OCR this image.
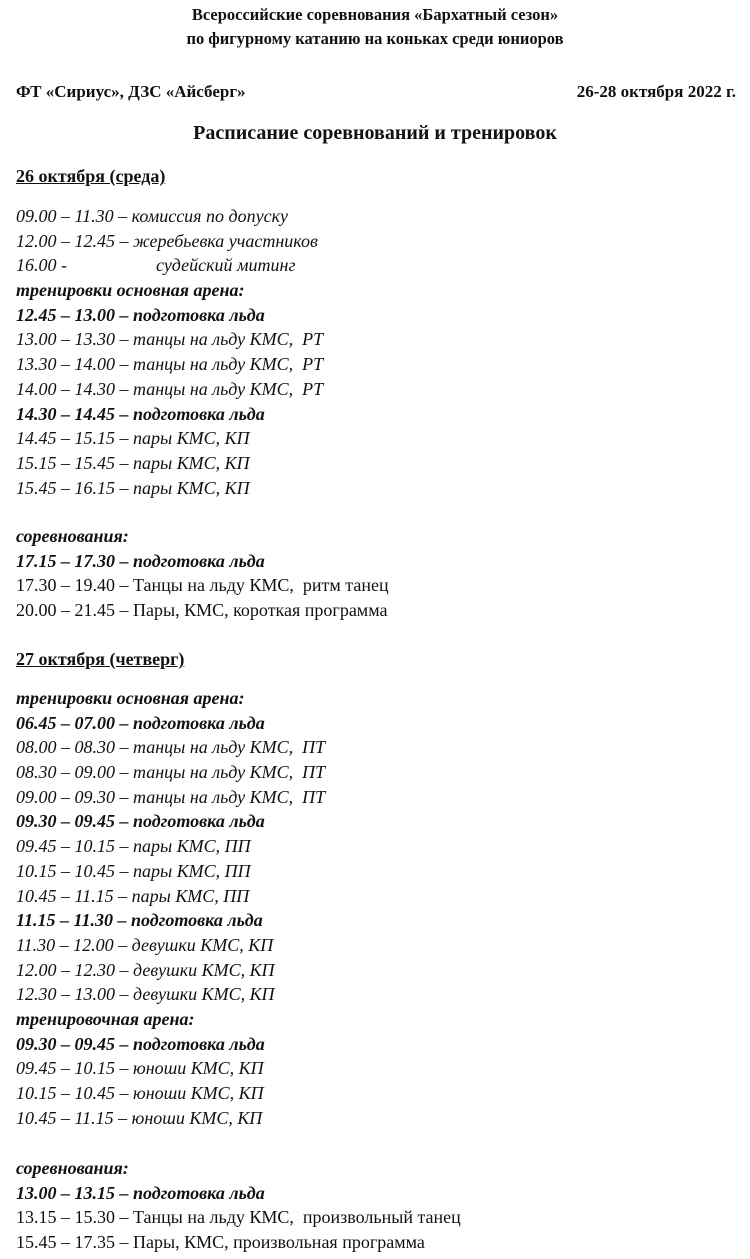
Всероссийские соревнования «Бархатный сезон»
по фигурному катанию на коньках среди юниоров
ФТ «Сириус», ДЗС «Айсберг»	26-28 октября 2022 г.
Расписание соревнований и тренировок
26 октября (среда)
09.00 – 11.30 – комиссия по допуску
12.00 – 12.45 – жеребьевка участников
16.00 -	судейский митинг
тренировки основная арена:
12.45 – 13.00 – подготовка льда
13.00 – 13.30 – танцы на льду КМС,  РТ
13.30 – 14.00 – танцы на льду КМС,  РТ
14.00 – 14.30 – танцы на льду КМС,  РТ
14.30 – 14.45 – подготовка льда
14.45 – 15.15 – пары КМС, КП
15.15 – 15.45 – пары КМС, КП
15.45 – 16.15 – пары КМС, КП
соревнования:
17.15 – 17.30 – подготовка льда
17.30 – 19.40 – Танцы на льду КМС,  ритм танец
20.00 – 21.45 – Пары, КМС, короткая программа
27 октября (четверг)
тренировки основная арена:
06.45 – 07.00 – подготовка льда
08.00 – 08.30 – танцы на льду КМС,  ПТ
08.30 – 09.00 – танцы на льду КМС,  ПТ
09.00 – 09.30 – танцы на льду КМС,  ПТ
09.30 – 09.45 – подготовка льда
09.45 – 10.15 – пары КМС, ПП
10.15 – 10.45 – пары КМС, ПП
10.45 – 11.15 – пары КМС, ПП
11.15 – 11.30 – подготовка льда
11.30 – 12.00 – девушки КМС, КП
12.00 – 12.30 – девушки КМС, КП
12.30 – 13.00 – девушки КМС, КП
тренировочная арена:
09.30 – 09.45 – подготовка льда
09.45 – 10.15 – юноши КМС, КП
10.15 – 10.45 – юноши КМС, КП
10.45 – 11.15 – юноши КМС, КП
соревнования:
13.00 – 13.15 – подготовка льда
13.15 – 15.30 – Танцы на льду КМС,  произвольный танец
15.45 – 17.35 – Пары, КМС, произвольная программа
